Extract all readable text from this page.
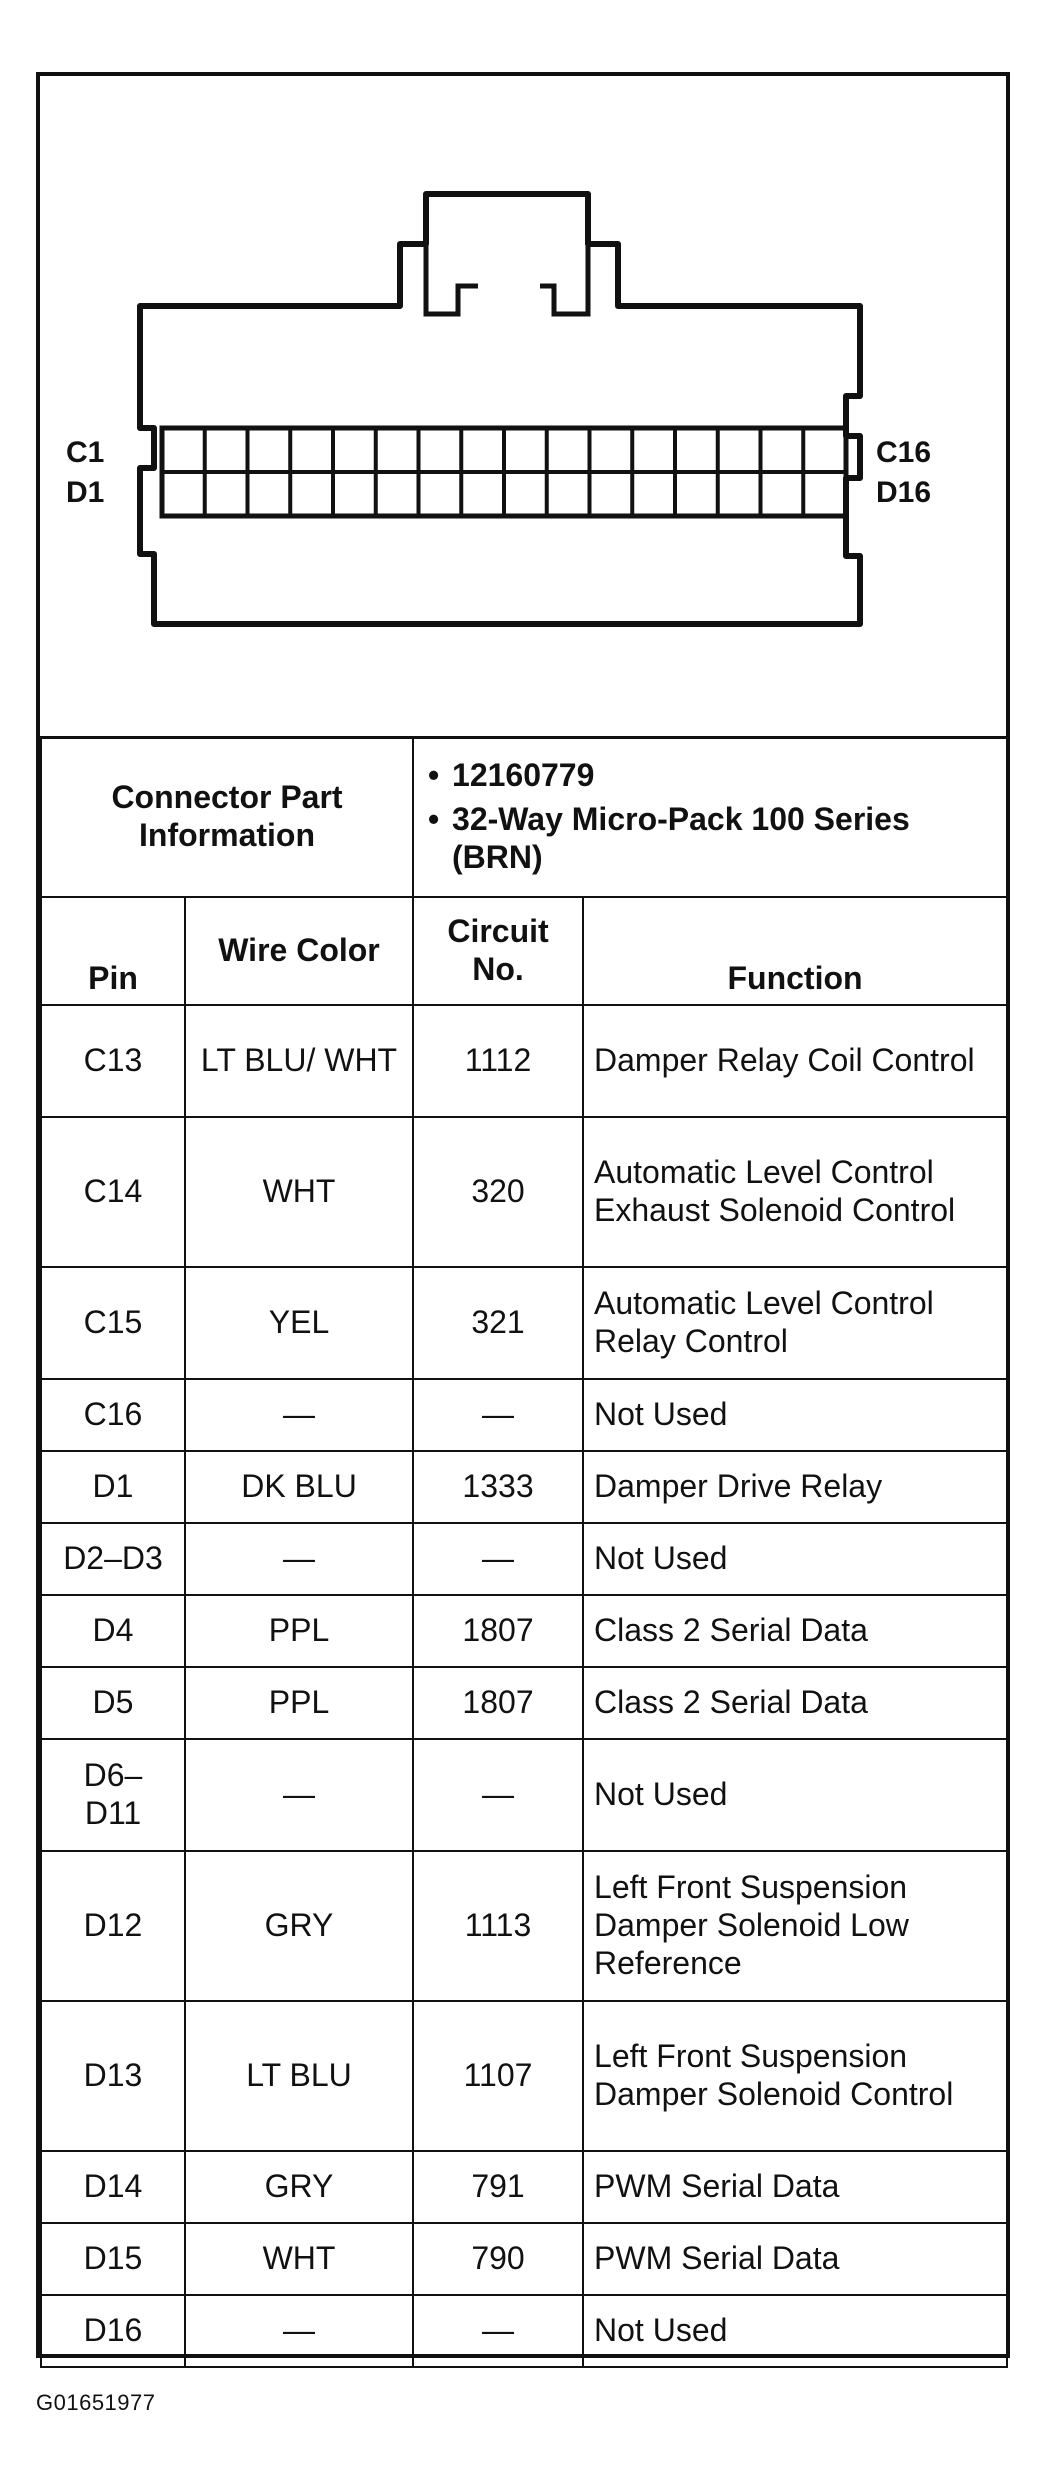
C1
D1
C16
D16
Connector Part Information		• 12160779
• 32-Way Micro-Pack 100 Series (BRN)

Pin	Wire Color	Circuit No.	Function
C13	LT BLU/ WHT	1112	Damper Relay Coil Control
C14	WHT	320	Automatic Level Control Exhaust Solenoid Control
C15	YEL	321	Automatic Level Control Relay Control
C16	—	—	Not Used
D1	DK BLU	1333	Damper Drive Relay
D2–D3	—	—	Not Used
D4	PPL	1807	Class 2 Serial Data
D5	PPL	1807	Class 2 Serial Data
D6– D11	—	—	Not Used
D12	GRY	1113	Left Front Suspension Damper Solenoid Low Reference
D13	LT BLU	1107	Left Front Suspension Damper Solenoid Control
D14	GRY	791	PWM Serial Data
D15	WHT	790	PWM Serial Data
D16	—	—	Not Used
G01651977
